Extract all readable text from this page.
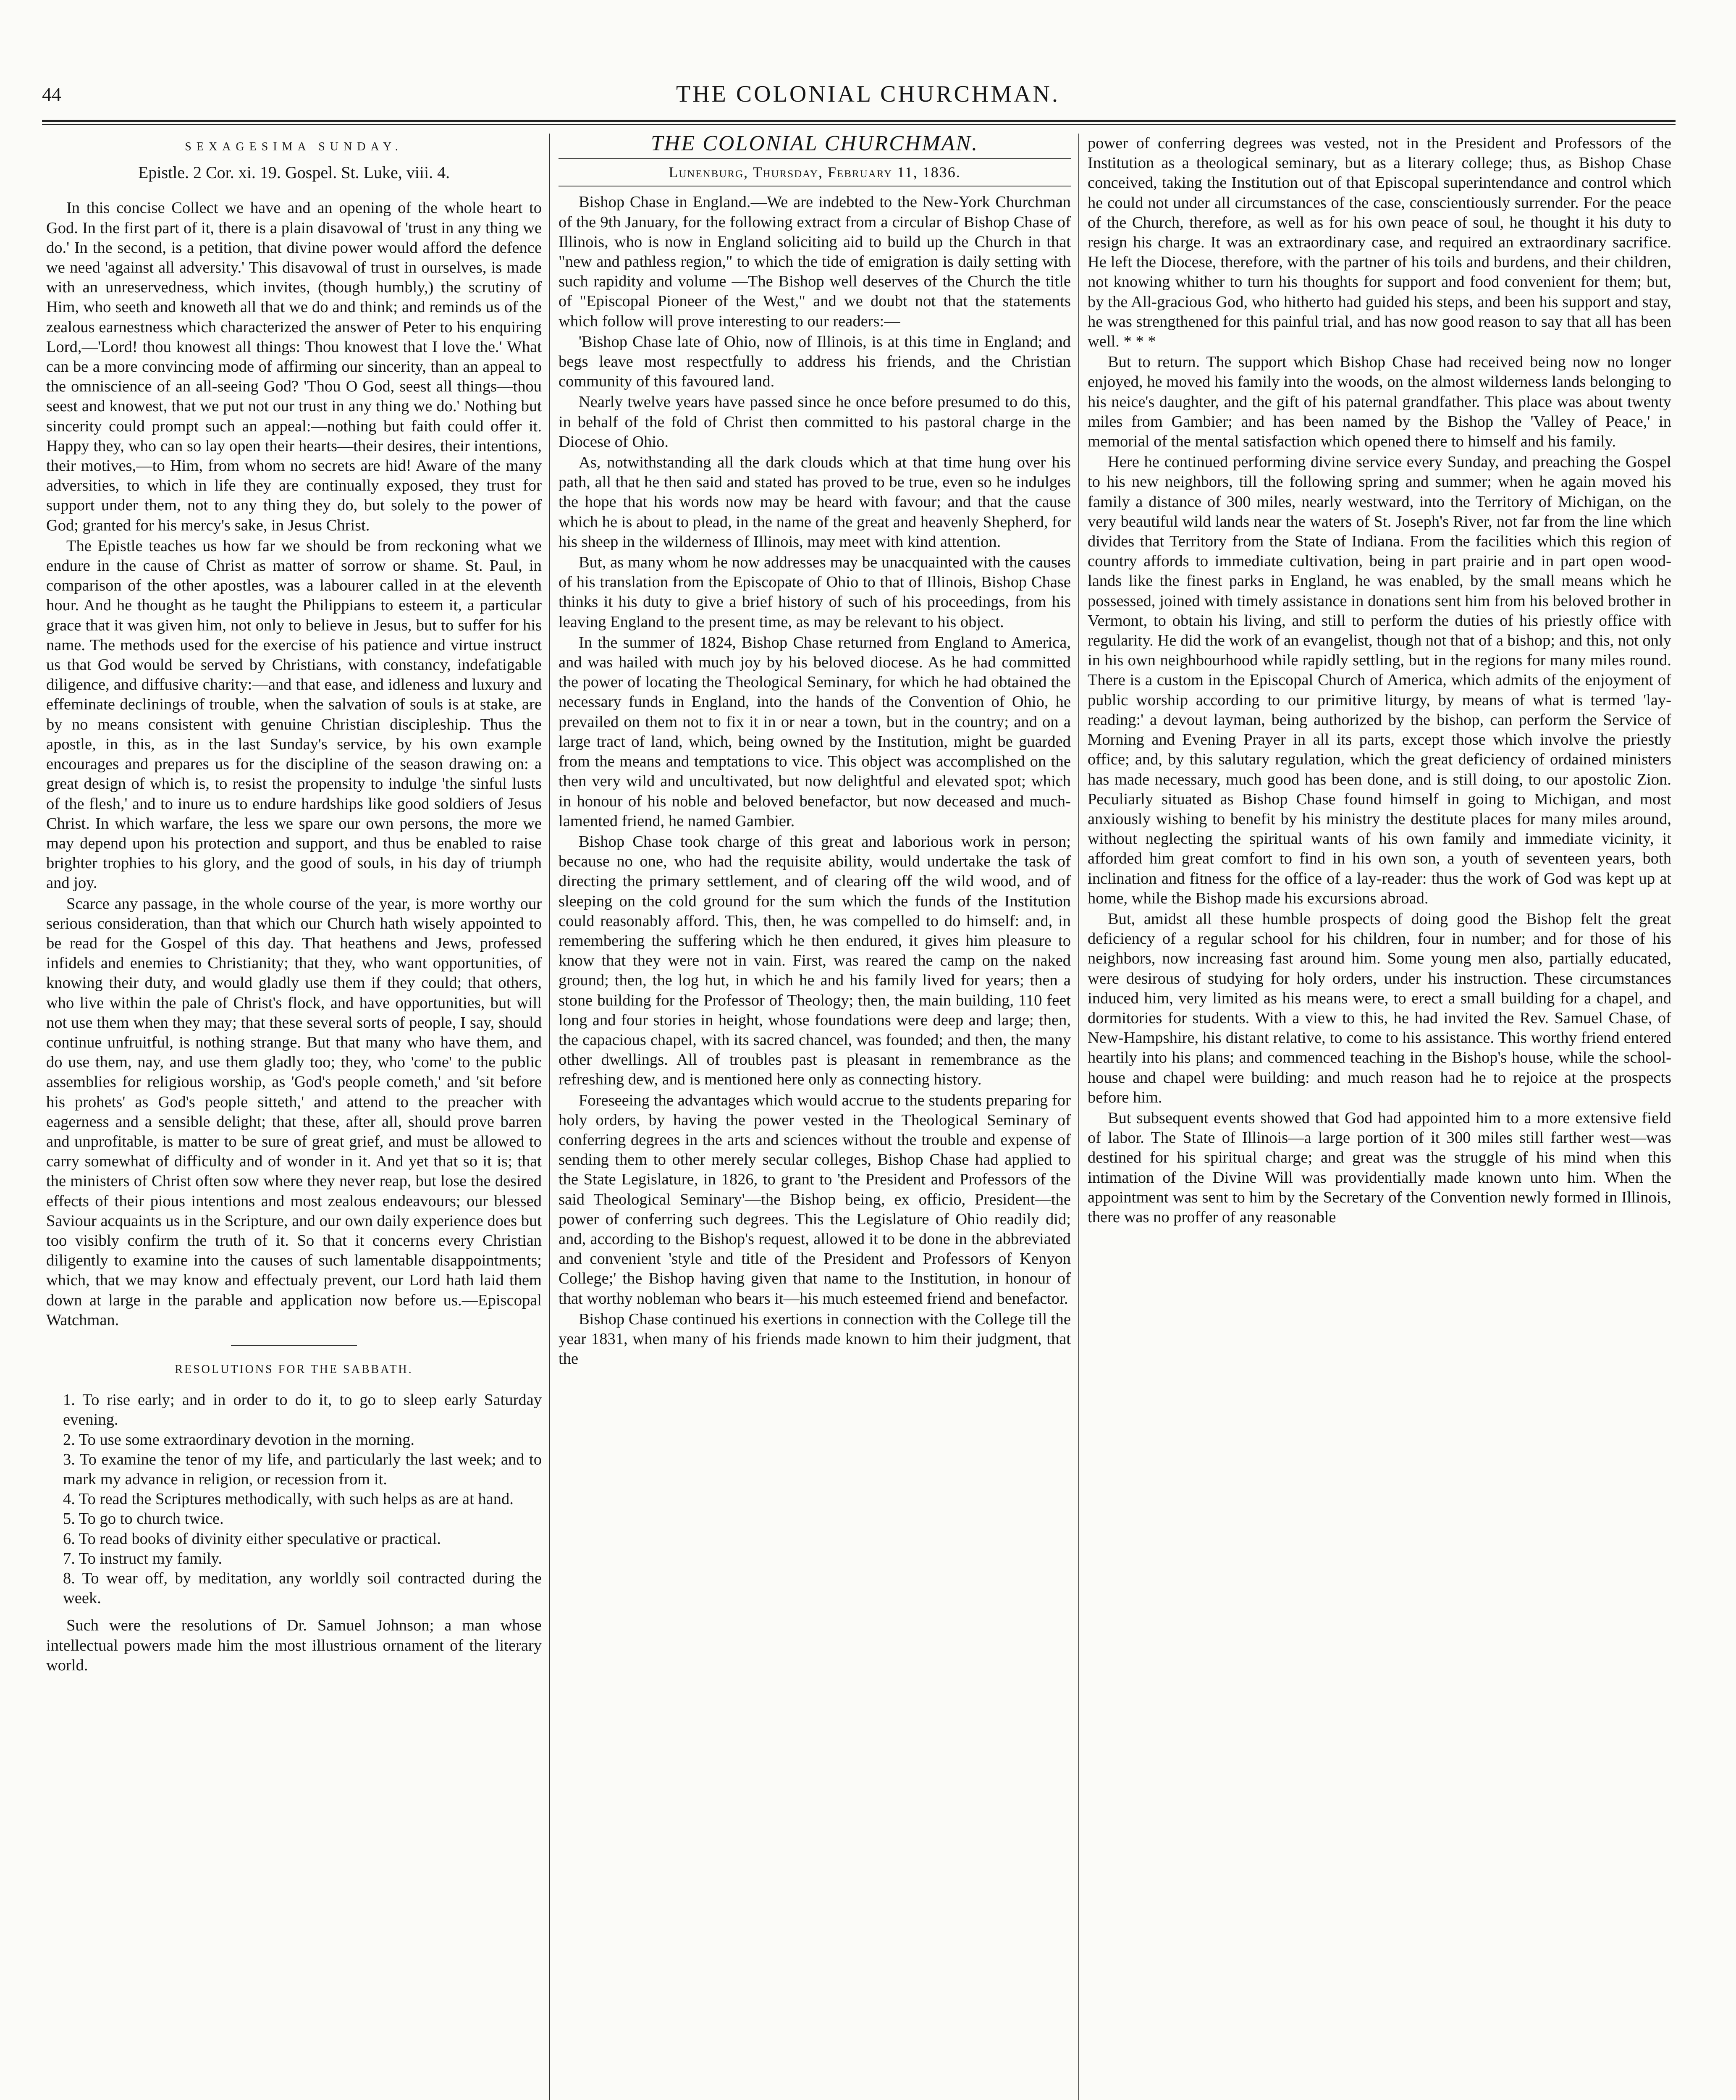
44	THE COLONIAL CHURCHMAN.
SEXAGESIMA SUNDAY.
Epistle. 2 Cor. xi. 19. Gospel. St. Luke, viii. 4.

In this concise Collect we have and an opening of the whole heart to God. In the first part of it, there is a plain disavowal of 'trust in any thing we do.' In the second, is a petition, that divine power would afford the defence we need 'against all adversity.' This disavowal of trust in ourselves, is made with an unreservedness, which invites, (though humbly,) the scrutiny of Him, who seeth and knoweth all that we do and think; and reminds us of the zealous earnestness which characterized the answer of Peter to his enquiring Lord,—'Lord! thou knowest all things: Thou knowest that I love the.' What can be a more convincing mode of affirming our sincerity, than an appeal to the omniscience of an all-seeing God? 'Thou O God, seest all things—thou seest and knowest, that we put not our trust in any thing we do.' Nothing but sincerity could prompt such an appeal:—nothing but faith could offer it. Happy they, who can so lay open their hearts—their desires, their intentions, their motives,—to Him, from whom no secrets are hid! Aware of the many adversities, to which in life they are continually exposed, they trust for support under them, not to any thing they do, but solely to the power of God; granted for his mercy's sake, in Jesus Christ.

The Epistle teaches us how far we should be from reckoning what we endure in the cause of Christ as matter of sorrow or shame. St. Paul, in comparison of the other apostles, was a labourer called in at the eleventh hour. And he thought as he taught the Philippians to esteem it, a particular grace that it was given him, not only to believe in Jesus, but to suffer for his name. The methods used for the exercise of his patience and virtue instruct us that God would be served by Christians, with constancy, indefatigable diligence, and diffusive charity:—and that ease, and idleness and luxury and effeminate declinings of trouble, when the salvation of souls is at stake, are by no means consistent with genuine Christian discipleship. Thus the apostle, in this, as in the last Sunday's service, by his own example encourages and prepares us for the discipline of the season drawing on: a great design of which is, to resist the propensity to indulge 'the sinful lusts of the flesh,' and to inure us to endure hardships like good soldiers of Jesus Christ. In which warfare, the less we spare our own persons, the more we may depend upon his protection and support, and thus be enabled to raise brighter trophies to his glory, and the good of souls, in his day of triumph and joy.

Scarce any passage, in the whole course of the year, is more worthy our serious consideration, than that which our Church hath wisely appointed to be read for the Gospel of this day. That heathens and Jews, professed infidels and enemies to Christianity; that they, who want opportunities, of knowing their duty, and would gladly use them if they could; that others, who live within the pale of Christ's flock, and have opportunities, but will not use them when they may; that these several sorts of people, I say, should continue unfruitful, is nothing strange. But that many who have them, and do use them, nay, and use them gladly too; they, who 'come' to the public assemblies for religious worship, as 'God's people cometh,' and 'sit before his prohets' as God's people sitteth,' and attend to the preacher with eagerness and a sensible delight; that these, after all, should prove barren and unprofitable, is matter to be sure of great grief, and must be allowed to carry somewhat of difficulty and of wonder in it. And yet that so it is; that the ministers of Christ often sow where they never reap, but lose the desired effects of their pious intentions and most zealous endeavours; our blessed Saviour acquaints us in the Scripture, and our own daily experience does but too visibly confirm the truth of it. So that it concerns every Christian diligently to examine into the causes of such lamentable disappointments; which, that we may know and effectualy prevent, our Lord hath laid them down at large in the parable and application now before us.—Episcopal Watchman.

RESOLUTIONS FOR THE SABBATH.
1. To rise early; and in order to do it, to go to sleep early Saturday evening.
2. To use some extraordinary devotion in the morning.
3. To examine the tenor of my life, and particularly the last week; and to mark my advance in religion, or recession from it.
4. To read the Scriptures methodically, with such helps as are at hand.
5. To go to church twice.
6. To read books of divinity either speculative or practical.
7. To instruct my family.
8. To wear off, by meditation, any worldly soil contracted during the week.

Such were the resolutions of Dr. Samuel Johnson; a man whose intellectual powers made him the most illustrious ornament of the literary world.

THE COLONIAL CHURCHMAN.
Lunenburg, Thursday, February 11, 1836.

Bishop Chase in England.—We are indebted to the New-York Churchman of the 9th January, for the following extract from a circular of Bishop Chase of Illinois, who is now in England soliciting aid to build up the Church in that "new and pathless region," to which the tide of emigration is daily setting with such rapidity and volume —The Bishop well deserves of the Church the title of "Episcopal Pioneer of the West," and we doubt not that the statements which follow will prove interesting to our readers:—

'Bishop Chase late of Ohio, now of Illinois, is at this time in England; and begs leave most respectfully to address his friends, and the Christian community of this favoured land.

Nearly twelve years have passed since he once before presumed to do this, in behalf of the fold of Christ then committed to his pastoral charge in the Diocese of Ohio.

As, notwithstanding all the dark clouds which at that time hung over his path, all that he then said and stated has proved to be true, even so he indulges the hope that his words now may be heard with favour; and that the cause which he is about to plead, in the name of the great and heavenly Shepherd, for his sheep in the wilderness of Illinois, may meet with kind attention.

But, as many whom he now addresses may be unacquainted with the causes of his translation from the Episcopate of Ohio to that of Illinois, Bishop Chase thinks it his duty to give a brief history of such of his proceedings, from his leaving England to the present time, as may be relevant to his object.

In the summer of 1824, Bishop Chase returned from England to America, and was hailed with much joy by his beloved diocese. As he had committed the power of locating the Theological Seminary, for which he had obtained the necessary funds in England, into the hands of the Convention of Ohio, he prevailed on them not to fix it in or near a town, but in the country; and on a large tract of land, which, being owned by the Institution, might be guarded from the means and temptations to vice. This object was accomplished on the then very wild and uncultivated, but now delightful and elevated spot; which in honour of his noble and beloved benefactor, but now deceased and much-lamented friend, he named Gambier.

Bishop Chase took charge of this great and laborious work in person; because no one, who had the requisite ability, would undertake the task of directing the primary settlement, and of clearing off the wild wood, and of sleeping on the cold ground for the sum which the funds of the Institution could reasonably afford. This, then, he was compelled to do himself: and, in remembering the suffering which he then endured, it gives him pleasure to know that they were not in vain. First, was reared the camp on the naked ground; then, the log hut, in which he and his family lived for years; then a stone building for the Professor of Theology; then, the main building, 110 feet long and four stories in height, whose foundations were deep and large; then, the capacious chapel, with its sacred chancel, was founded; and then, the many other dwellings. All of troubles past is pleasant in remembrance as the refreshing dew, and is mentioned here only as connecting history.

Foreseeing the advantages which would accrue to the students preparing for holy orders, by having the power vested in the Theological Seminary of conferring degrees in the arts and sciences without the trouble and expense of sending them to other merely secular colleges, Bishop Chase had applied to the State Legislature, in 1826, to grant to 'the President and Professors of the said Theological Seminary'—the Bishop being, ex officio, President—the power of conferring such degrees. This the Legislature of Ohio readily did; and, according to the Bishop's request, allowed it to be done in the abbreviated and convenient 'style and title of the President and Professors of Kenyon College;' the Bishop having given that name to the Institution, in honour of that worthy nobleman who bears it—his much esteemed friend and benefactor.

Bishop Chase continued his exertions in connection with the College till the year 1831, when many of his friends made known to him their judgment, that the

power of conferring degrees was vested, not in the President and Professors of the Institution as a theological seminary, but as a literary college; thus, as Bishop Chase conceived, taking the Institution out of that Episcopal superintendance and control which he could not under all circumstances of the case, conscientiously surrender. For the peace of the Church, therefore, as well as for his own peace of soul, he thought it his duty to resign his charge. It was an extraordinary case, and required an extraordinary sacrifice. He left the Diocese, therefore, with the partner of his toils and burdens, and their children, not knowing whither to turn his thoughts for support and food convenient for them; but, by the All-gracious God, who hitherto had guided his steps, and been his support and stay, he was strengthened for this painful trial, and has now good reason to say that all has been well. * * *

But to return. The support which Bishop Chase had received being now no longer enjoyed, he moved his family into the woods, on the almost wilderness lands belonging to his neice's daughter, and the gift of his paternal grandfather. This place was about twenty miles from Gambier; and has been named by the Bishop the 'Valley of Peace,' in memorial of the mental satisfaction which opened there to himself and his family.

Here he continued performing divine service every Sunday, and preaching the Gospel to his new neighbors, till the following spring and summer; when he again moved his family a distance of 300 miles, nearly westward, into the Territory of Michigan, on the very beautiful wild lands near the waters of St. Joseph's River, not far from the line which divides that Territory from the State of Indiana. From the facilities which this region of country affords to immediate cultivation, being in part prairie and in part open wood-lands like the finest parks in England, he was enabled, by the small means which he possessed, joined with timely assistance in donations sent him from his beloved brother in Vermont, to obtain his living, and still to perform the duties of his priestly office with regularity. He did the work of an evangelist, though not that of a bishop; and this, not only in his own neighbourhood while rapidly settling, but in the regions for many miles round. There is a custom in the Episcopal Church of America, which admits of the enjoyment of public worship according to our primitive liturgy, by means of what is termed 'lay-reading:' a devout layman, being authorized by the bishop, can perform the Service of Morning and Evening Prayer in all its parts, except those which involve the priestly office; and, by this salutary regulation, which the great deficiency of ordained ministers has made necessary, much good has been done, and is still doing, to our apostolic Zion. Peculiarly situated as Bishop Chase found himself in going to Michigan, and most anxiously wishing to benefit by his ministry the destitute places for many miles around, without neglecting the spiritual wants of his own family and immediate vicinity, it afforded him great comfort to find in his own son, a youth of seventeen years, both inclination and fitness for the office of a lay-reader: thus the work of God was kept up at home, while the Bishop made his excursions abroad.

But, amidst all these humble prospects of doing good the Bishop felt the great deficiency of a regular school for his children, four in number; and for those of his neighbors, now increasing fast around him. Some young men also, partially educated, were desirous of studying for holy orders, under his instruction. These circumstances induced him, very limited as his means were, to erect a small building for a chapel, and dormitories for students. With a view to this, he had invited the Rev. Samuel Chase, of New-Hampshire, his distant relative, to come to his assistance. This worthy friend entered heartily into his plans; and commenced teaching in the Bishop's house, while the school-house and chapel were building: and much reason had he to rejoice at the prospects before him.

But subsequent events showed that God had appointed him to a more extensive field of labor. The State of Illinois—a large portion of it 300 miles still farther west—was destined for his spiritual charge; and great was the struggle of his mind when this intimation of the Divine Will was providentially made known unto him. When the appointment was sent to him by the Secretary of the Convention newly formed in Illinois, there was no proffer of any reasonable
